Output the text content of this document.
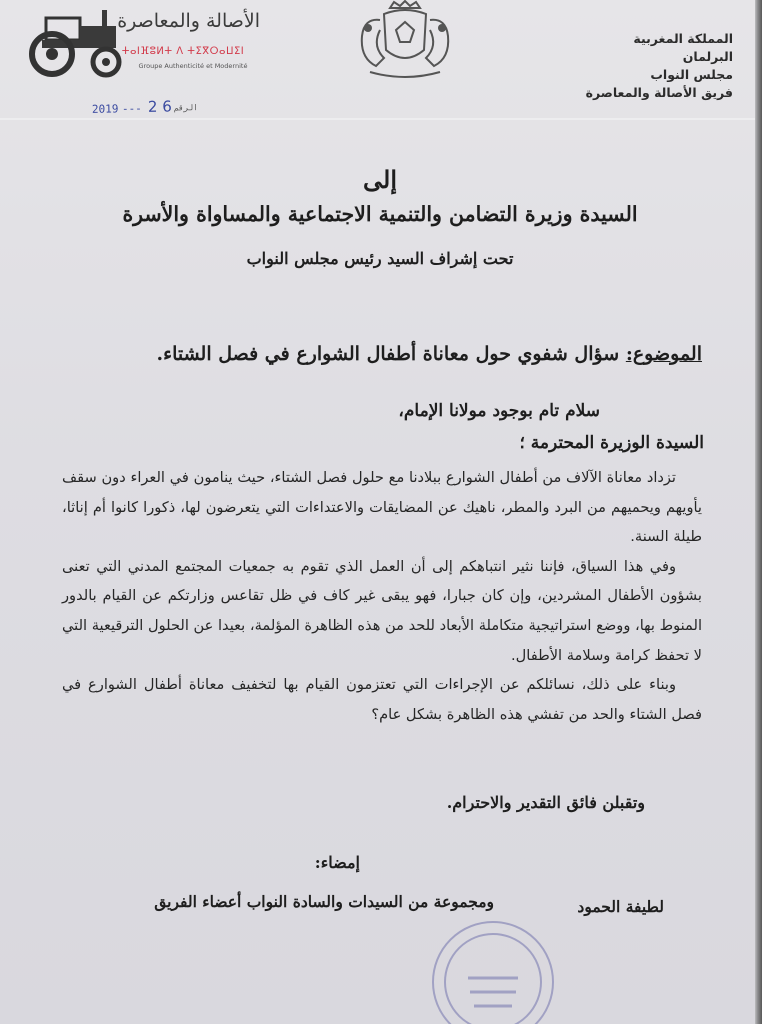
الأصالة والمعاصرة
ⵜⴰⵏⴼⵓⵍⵜ ⴷ ⵜⵉⴳⵔⴰⵡⵉⵏ
Groupe Authenticité et Modernité
المملكة المغربية
البرلمان
مجلس النواب
فريق الأصالة والمعاصرة
2019 --- 2 6 الرقم
إلى
السيدة وزيرة التضامن والتنمية الاجتماعية والمساواة والأسرة
تحت إشراف السيد رئيس مجلس النواب
الموضوع: سؤال شفوي حول معاناة أطفال الشوارع في فصل الشتاء.
سلام تام بوجود مولانا الإمام،
السيدة الوزيرة المحترمة ؛

تزداد معاناة الآلاف من أطفال الشوارع ببلادنا مع حلول فصل الشتاء، حيث ينامون في العراء دون سقف يأويهم ويحميهم من البرد والمطر، ناهيك عن المضايقات والاعتداءات التي يتعرضون لها، ذكورا كانوا أم إناثا، طيلة السنة.

وفي هذا السياق، فإننا نثير انتباهكم إلى أن العمل الذي تقوم به جمعيات المجتمع المدني التي تعنى بشؤون الأطفال المشردين، وإن كان جبارا، فهو يبقى غير كاف في ظل تقاعس وزارتكم عن القيام بالدور المنوط بها، ووضع استراتيجية متكاملة الأبعاد للحد من هذه الظاهرة المؤلمة، بعيدا عن الحلول الترقيعية التي لا تحفظ كرامة وسلامة الأطفال.

وبناء على ذلك، نسائلكم عن الإجراءات التي تعتزمون القيام بها لتخفيف معاناة أطفال الشوارع في فصل الشتاء والحد من تفشي هذه الظاهرة بشكل عام؟

وتقبلن فائق التقدير والاحترام.
إمضاء:
ومجموعة من السيدات والسادة النواب أعضاء الفريق	لطيفة الحمود
